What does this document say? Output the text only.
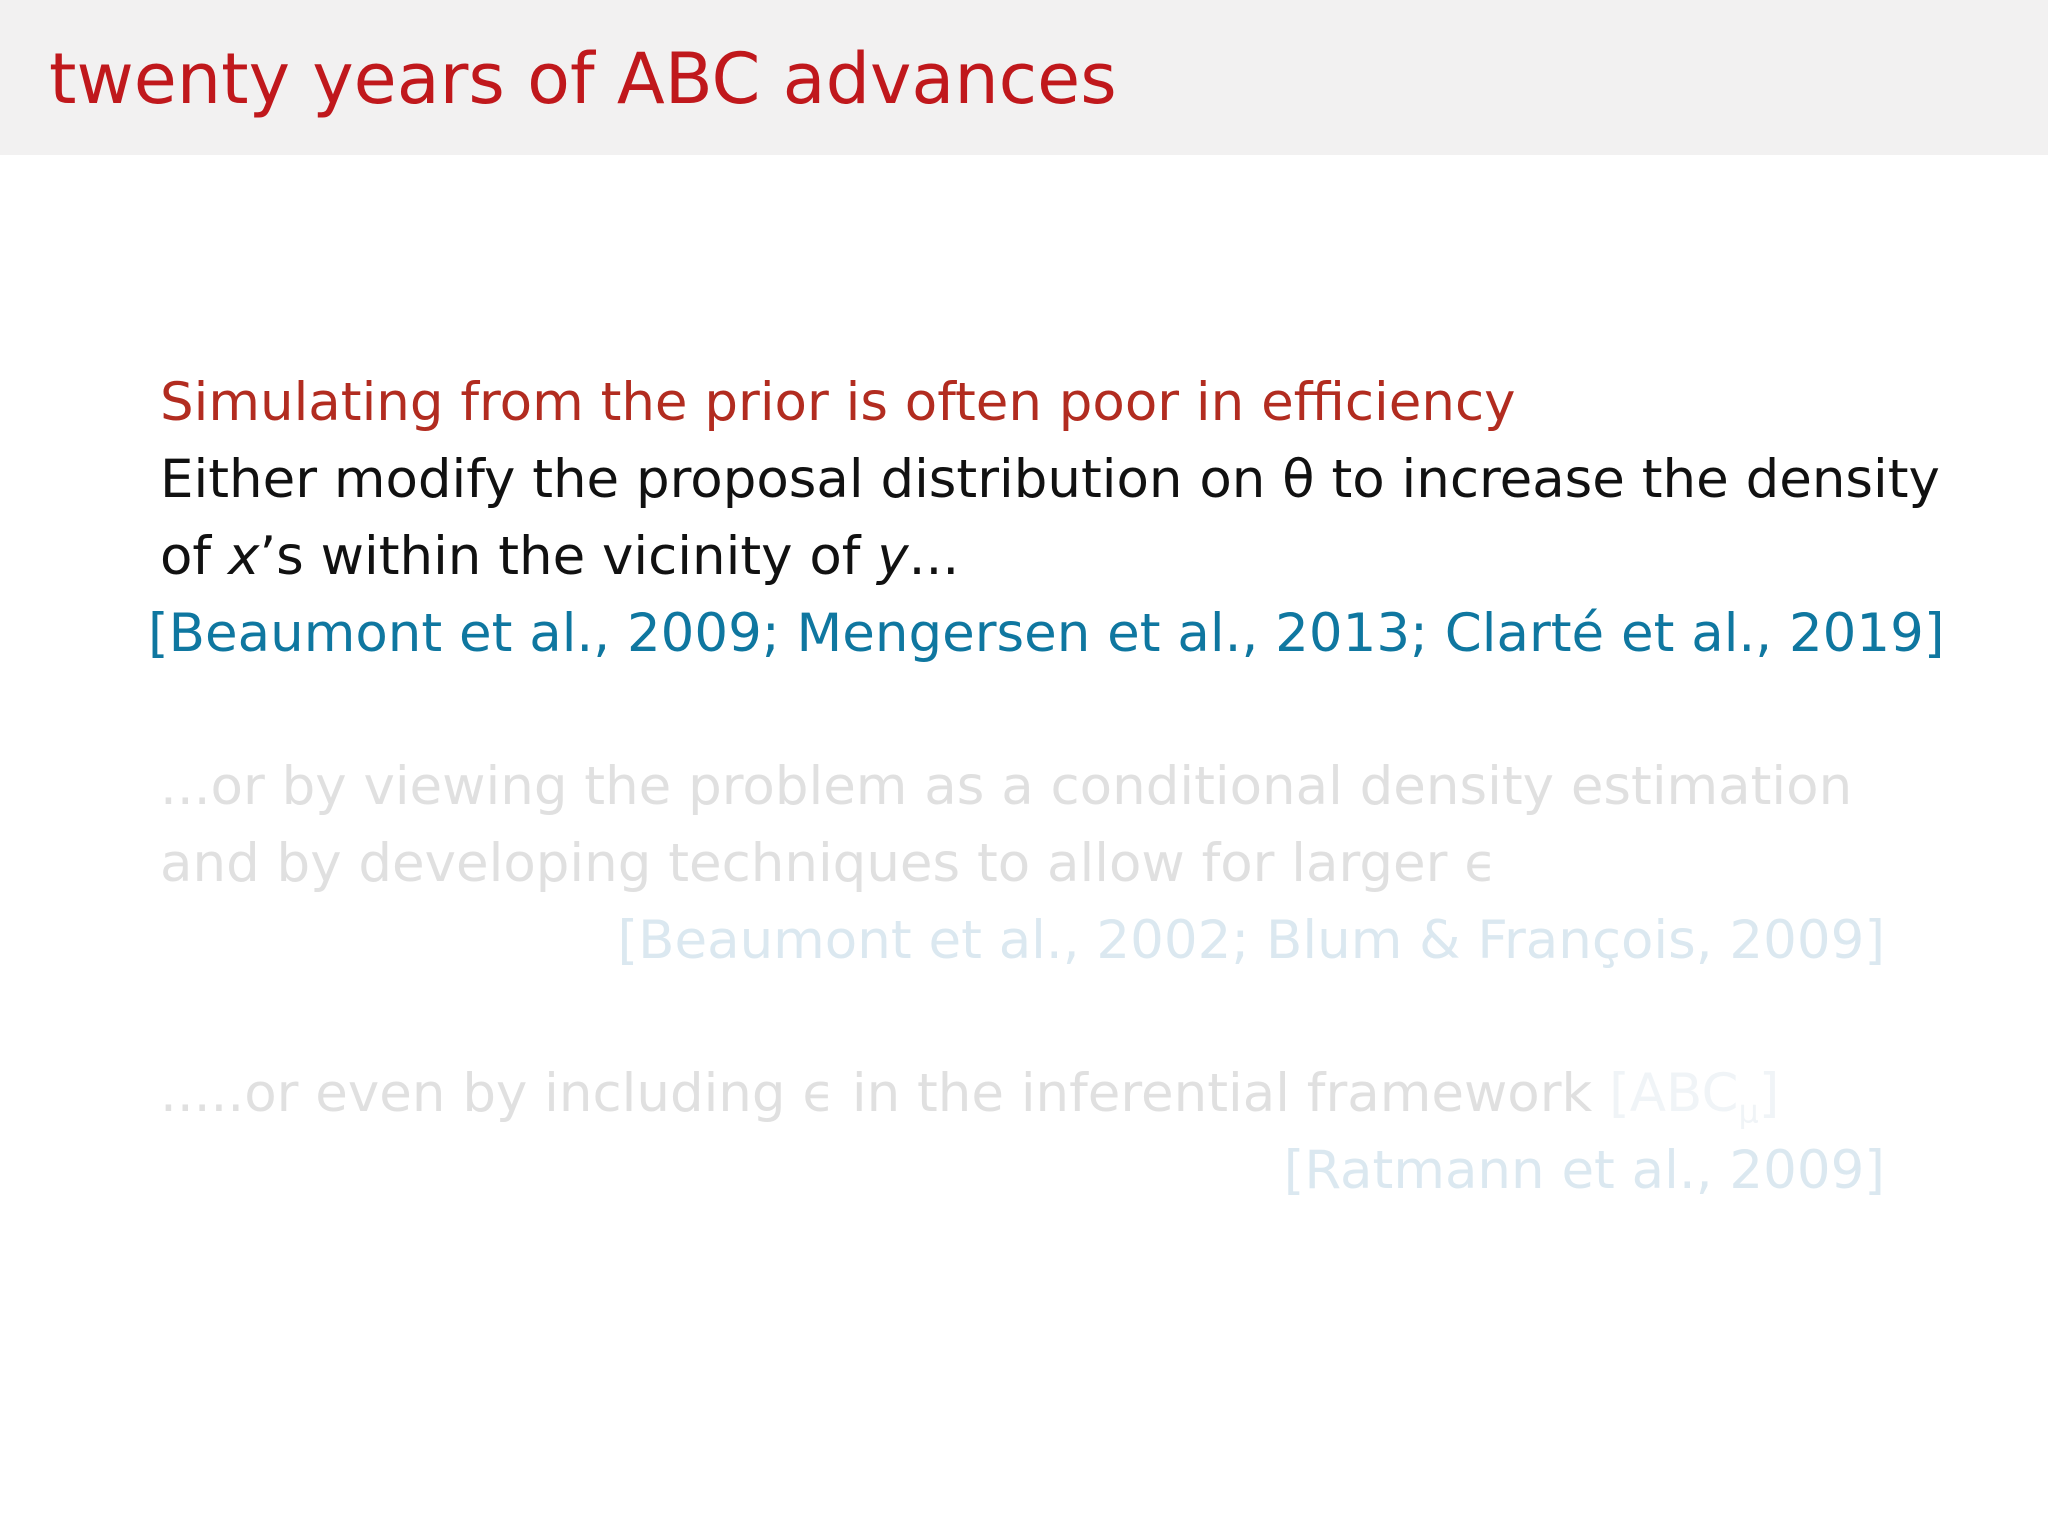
twenty years of ABC advances
Simulating from the prior is often poor in efficiency
Either modify the proposal distribution on θ to increase the density
of x’s within the vicinity of y...
[Beaumont et al., 2009; Mengersen et al., 2013; Clarté et al., 2019]
...or by viewing the problem as a conditional density estimation
and by developing techniques to allow for larger ϵ
[Beaumont et al., 2002; Blum & François, 2009]
.....or even by including ϵ in the inferential framework $[ABC_\mu]$
[Ratmann et al., 2009]
